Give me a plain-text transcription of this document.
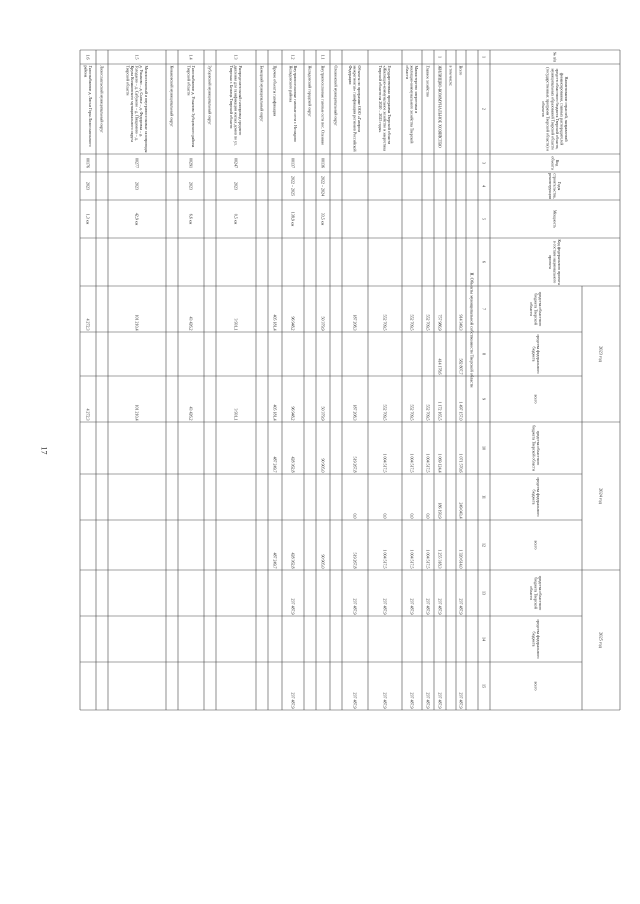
№ п/п
Наименование отраслей, направленийфинансирования, главных распорядителейсредств областного бюджета Тверской области,муниципальных образований Тверской области(государственных программ Тверской области) иобъектов
Кодобъекта
Годыстроительства,реконструкции
Мощность
Код федерального проектав составе национальногопроекта
2023 год
2024 год
2025 год
средства областногобюджета Тверскойобласти
средства федеральногобюджета
всего
средства областногобюджета Тверской области
средства федеральногобюджета
всего
средства областногобюджета Тверскойобласти
средства федеральногобюджета
всего
1
2
3
4
5
6
7
8
9
10
11
12
13
14
15
II. Объекты муниципальной собственности Тверской области
Всего
914 349,3
582 807,7
1 497 157,0
1 071 570,6
249 043,4
1 320 614,0
237 487,9
237 487,9
в том числе:
1
ЖИЛИЩНО-КОММУНАЛЬНОЕ ХОЗЯЙСТВО
757 986,9
414 178,6
1 172 165,5
1 069 124,4
186 193,9
1 255 318,3
237 487,9
237 487,9
Главное хозяйство
552 709,5
552 709,5
1 004 517,5
0,0
1 004 517,5
237 487,9
237 487,9
Министерство энергетики ижилищно-коммунального хозяйства Тверскойобласти
552 709,5
552 709,5
1 004 517,5
0,0
1 004 517,5
237 487,9
237 487,9
Государственная программа Тверской области«Жилищно-коммунальное хозяйство и энергетикаТверской области на 2020 – 2025 годы»
552 709,5
552 709,5
1 004 517,5
0,0
1 004 517,5
237 487,9
237 487,9
Объекты по программе ООО «Газпроммежрегионгаз» газификации регионов РоссийскойФедерации
187 208,3
187 208,3
519 267,8
0,0
519 267,8
237 487,9
237 487,9
Оленинский муниципальный округ
1.1
Внутрипоселковые газовые сети пос. Оленино
00136
2022 – 2024
33,5 км
50 379,9
50 379,9
90 905,0
90 905,0
Нелидовский городской округ
1.2
Внутрипоселковые газовые сети г. НелидовоНелидовского района
00137
2022 – 2025
138,9 км
96 948,2
96 948,2
428 362,8
428 362,8
237 487,9
237 487,9
Прочие объекты газификации
405 181,4
405 181,4
487 249,7
487 249,7
Бежецкий муниципальный округ
1.3
Распределительный газопровод среднегодавления для газификации жилых домов по ул.Тверская г. Бежецк Тверской области
00247
2023
0,5 км
3 931,1
3 931,1
Зубцовский муниципальный округ
1.4
Газоснабжение д. Ульяново Зубцовского районаТверской области
00291
2023
6,6 км
43 426,2
43 426,2
Конаковский муниципальный округ
1.5
Межпоселковый и внутрипоселковые газопроводыд. Ушаково – д. Сыпье – д. Федоровка – д.Голодаево – д. Сабуново – д. Пищимово – д.Крупа Конаковского муниципального округаТверской области
00277
2023
42,9 км
101 210,4
101 210,4
Лихославльский муниципальный округ
1.6
Газоснабжение д. Лисьи Горы Лихославльскогорайона
00176
2023
1,3 км
4 272,3
4 272,3
17
